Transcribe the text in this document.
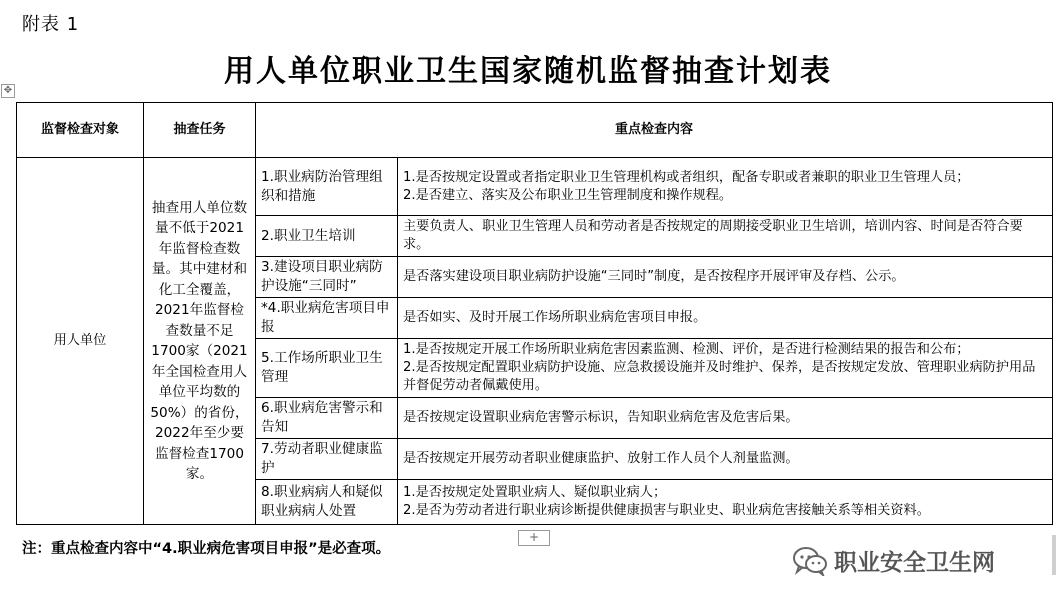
附表 1
用人单位职业卫生国家随机监督抽查计划表
✥
监督检查对象	抽查任务	重点检查内容	
用人单位	抽查用人单位数量不低于2021年监督检查数量。其中建材和化工全覆盖，2021年监督检查数量不足1700家（2021年全国检查用人单位平均数的50%）的省份，2022年至少要监督检查1700家。	1.职业病防治管理组织和措施	1.是否按规定设置或者指定职业卫生管理机构或者组织，配备专职或者兼职的职业卫生管理人员；
2.是否建立、落实及公布职业卫生管理制度和操作规程。

		2.职业卫生培训	主要负责人、职业卫生管理人员和劳动者是否按规定的周期接受职业卫生培训，培训内容、时间是否符合要求。

		3.建设项目职业病防护设施“三同时”	是否落实建设项目职业病防护设施“三同时”制度，是否按程序开展评审及存档、公示。

		*4.职业病危害项目申报	是否如实、及时开展工作场所职业病危害项目申报。

		5.工作场所职业卫生管理	1.是否按规定开展工作场所职业病危害因素监测、检测、评价，是否进行检测结果的报告和公布；
2.是否按规定配置职业病防护设施、应急救援设施并及时维护、保养，是否按规定发放、管理职业病防护用品并督促劳动者佩戴使用。

		6.职业病危害警示和告知	是否按规定设置职业病危害警示标识，告知职业病危害及危害后果。

		7.劳动者职业健康监护	是否按规定开展劳动者职业健康监护、放射工作人员个人剂量监测。

		8.职业病病人和疑似职业病病人处置	1.是否按规定处置职业病人、疑似职业病人；
2.是否为劳动者进行职业病诊断提供健康损害与职业史、职业病危害接触关系等相关资料。
注：重点检查内容中“4.职业病危害项目申报”是必查项。
+
职业安全卫生网
